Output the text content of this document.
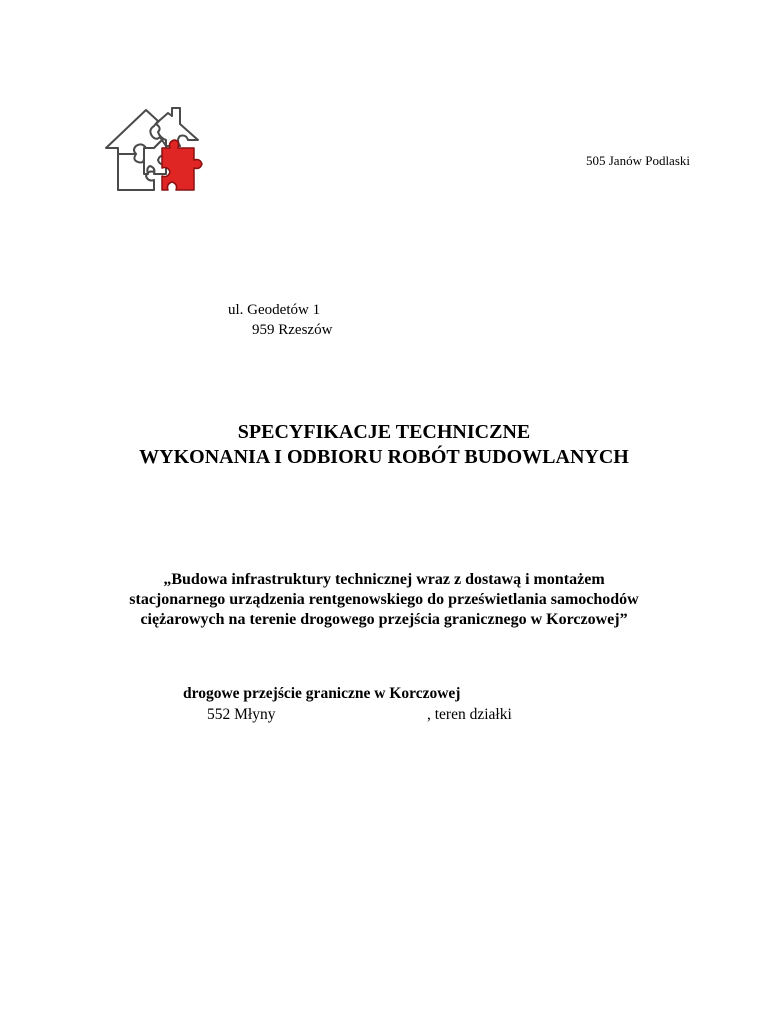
505 Janów Podlaski
ul. Geodetów 1
959 Rzeszów
SPECYFIKACJE TECHNICZNE
WYKONANIA I ODBIORU ROBÓT BUDOWLANYCH
„Budowa infrastruktury technicznej wraz z dostawą i montażem
stacjonarnego urządzenia rentgenowskiego do prześwietlania samochodów
ciężarowych na terenie drogowego przejścia granicznego w Korczowej”
drogowe przejście graniczne w Korczowej
552 Młyny	, teren działki
